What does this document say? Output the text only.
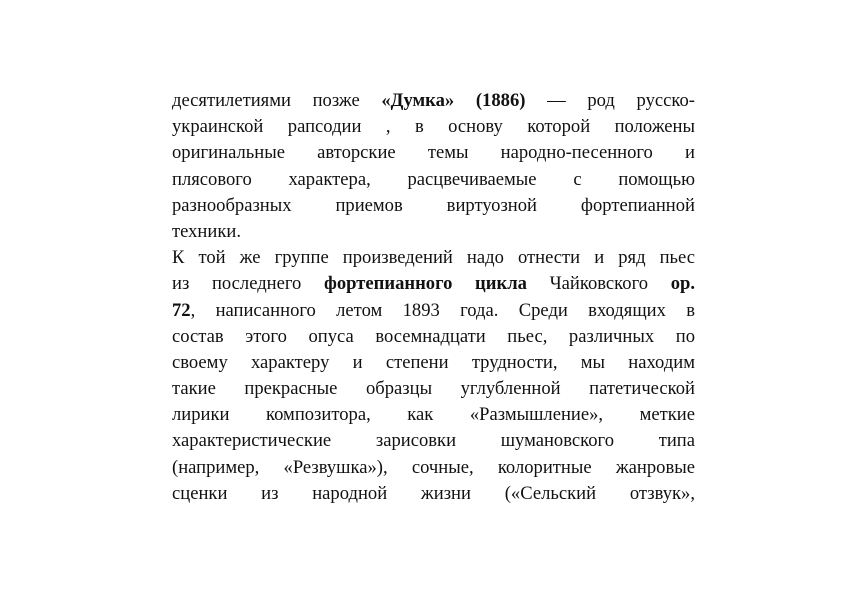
десятилетиями позже «Думка» (1886) — род русско-
украинской рапсодии , в основу которой положены
оригинальные авторские темы народно-песенного и
плясового характера, расцвечиваемые с помощью
разнообразных приемов виртуозной фортепианной
техники.
К той же группе произведений надо отнести и ряд пьес
из последнего фортепианного цикла Чайковского ор.
72, написанного летом 1893 года. Среди входящих в
состав этого опуса восемнадцати пьес, различных по
своему характеру и степени трудности, мы находим
такие прекрасные образцы углубленной патетической
лирики композитора, как «Размышление», меткие
характеристические зарисовки шумановского типа
(например, «Резвушка»), сочные, колоритные жанровые
сценки из народной жизни («Сельский отзвук»,
